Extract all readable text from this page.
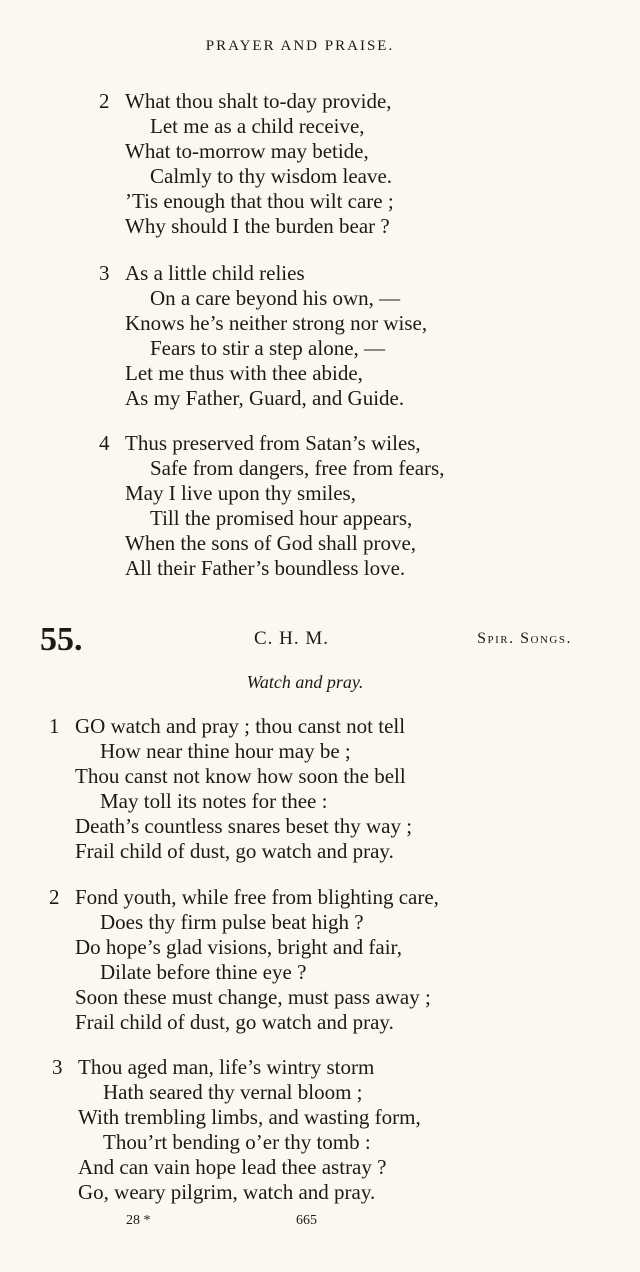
PRAYER AND PRAISE.
2 What thou shalt to-day provide,
Let me as a child receive,
What to-morrow may betide,
Calmly to thy wisdom leave.
’Tis enough that thou wilt care ;
Why should I the burden bear ?
3 As a little child relies
On a care beyond his own, —
Knows he’s neither strong nor wise,
Fears to stir a step alone, —
Let me thus with thee abide,
As my Father, Guard, and Guide.
4 Thus preserved from Satan’s wiles,
Safe from dangers, free from fears,
May I live upon thy smiles,
Till the promised hour appears,
When the sons of God shall prove,
All their Father’s boundless love.
55.	C. H. M.	Spir. Songs.
Watch and pray.
1 GO watch and pray ; thou canst not tell
How near thine hour may be ;
Thou canst not know how soon the bell
May toll its notes for thee :
Death’s countless snares beset thy way ;
Frail child of dust, go watch and pray.
2 Fond youth, while free from blighting care,
Does thy firm pulse beat high ?
Do hope’s glad visions, bright and fair,
Dilate before thine eye ?
Soon these must change, must pass away ;
Frail child of dust, go watch and pray.
3 Thou aged man, life’s wintry storm
Hath seared thy vernal bloom ;
With trembling limbs, and wasting form,
Thou’rt bending o’er thy tomb :
And can vain hope lead thee astray ?
Go, weary pilgrim, watch and pray.
28 *	665
